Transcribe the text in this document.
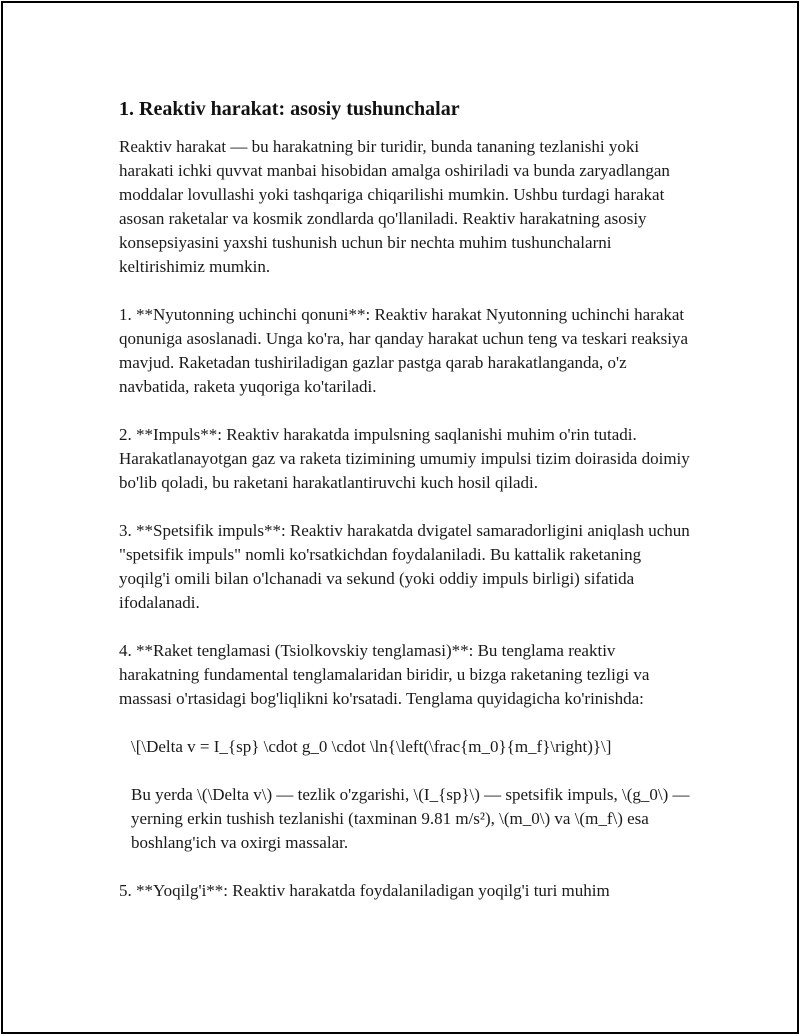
1. Reaktiv harakat: asosiy tushunchalar

Reaktiv harakat — bu harakatning bir turidir, bunda tananing tezlanishi yoki harakati ichki quvvat manbai hisobidan amalga oshiriladi va bunda zaryadlangan moddalar lovullashi yoki tashqariga chiqarilishi mumkin. Ushbu turdagi harakat asosan raketalar va kosmik zondlarda qo'llaniladi. Reaktiv harakatning asosiy konsepsiyasini yaxshi tushunish uchun bir nechta muhim tushunchalarni keltirishimiz mumkin.

1. **Nyutonning uchinchi qonuni**: Reaktiv harakat Nyutonning uchinchi harakat qonuniga asoslanadi. Unga ko'ra, har qanday harakat uchun teng va teskari reaksiya mavjud. Raketadan tushiriladigan gazlar pastga qarab harakatlanganda, o'z navbatida, raketa yuqoriga ko'tariladi.

2. **Impuls**: Reaktiv harakatda impulsning saqlanishi muhim o'rin tutadi. Harakatlanayotgan gaz va raketa tizimining umumiy impulsi tizim doirasida doimiy bo'lib qoladi, bu raketani harakatlantiruvchi kuch hosil qiladi.

3. **Spetsifik impuls**: Reaktiv harakatda dvigatel samaradorligini aniqlash uchun "spetsifik impuls" nomli ko'rsatkichdan foydalaniladi. Bu kattalik raketaning yoqilg'i omili bilan o'lchanadi va sekund (yoki oddiy impuls birligi) sifatida ifodalanadi.

4. **Raket tenglamasi (Tsiolkovskiy tenglamasi)**: Bu tenglama reaktiv harakatning fundamental tenglamalaridan biridir, u bizga raketaning tezligi va massasi o'rtasidagi bog'liqlikni ko'rsatadi. Tenglama quyidagicha ko'rinishda:

\[\Delta v = I_{sp} \cdot g_0 \cdot \ln{\left(\frac{m_0}{m_f}\right)}\]

Bu yerda \(\Delta v\) — tezlik o'zgarishi, \(I_{sp}\) — spetsifik impuls, \(g_0\) — yerning erkin tushish tezlanishi (taxminan 9.81 m/s²), \(m_0\) va \(m_f\) esa boshlang'ich va oxirgi massalar.

5. **Yoqilg'i**: Reaktiv harakatda foydalaniladigan yoqilg'i turi muhim
